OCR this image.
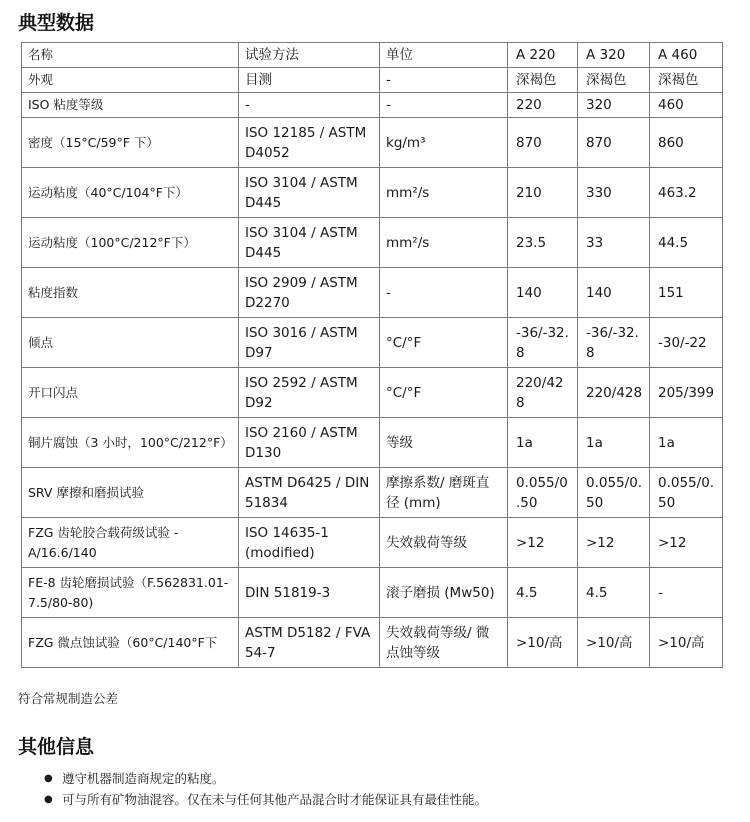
典型数据
名称	试验方法	单位	A 220	A 320	A 460
外观	目测	-	深褐色	深褐色	深褐色
ISO 粘度等级	-	-	220	320	460
密度（15°C/59°F 下）	ISO 12185 / ASTM D4052	kg/m³	870	870	860
运动粘度（40°C/104°F下）	ISO 3104 / ASTM D445	mm²/s	210	330	463.2
运动粘度（100°C/212°F下）	ISO 3104 / ASTM D445	mm²/s	23.5	33	44.5
粘度指数	ISO 2909 / ASTM D2270	-	140	140	151
倾点	ISO 3016 / ASTM D97	°C/°F	-36/-32.8	-36/-32.8	-30/-22
开口闪点	ISO 2592 / ASTM D92	°C/°F	220/428	220/428	205/399
铜片腐蚀（3 小时，100°C/212°F）	ISO 2160 / ASTM D130	等级	1a	1a	1a
SRV 摩擦和磨损试验	ASTM D6425 / DIN 51834	摩擦系数/ 磨斑直径 (mm)	0.055/0.50	0.055/0.50	0.055/0.50
FZG 齿轮胶合载荷级试验 - A/16.6/140	ISO 14635-1 (modified)	失效载荷等级	>12	>12	>12
FE-8 齿轮磨损试验（F.562831.01-7.5/80-80)	DIN 51819-3	滚子磨损 (Mw50)	4.5	4.5	-
FZG 微点蚀试验（60°C/140°F下	ASTM D5182 / FVA 54-7	失效载荷等级/ 微点蚀等级	>10/高	>10/高	>10/高
符合常规制造公差
其他信息
● 遵守机器制造商规定的粘度。
● 可与所有矿物油混容。仅在未与任何其他产品混合时才能保证具有最佳性能。
